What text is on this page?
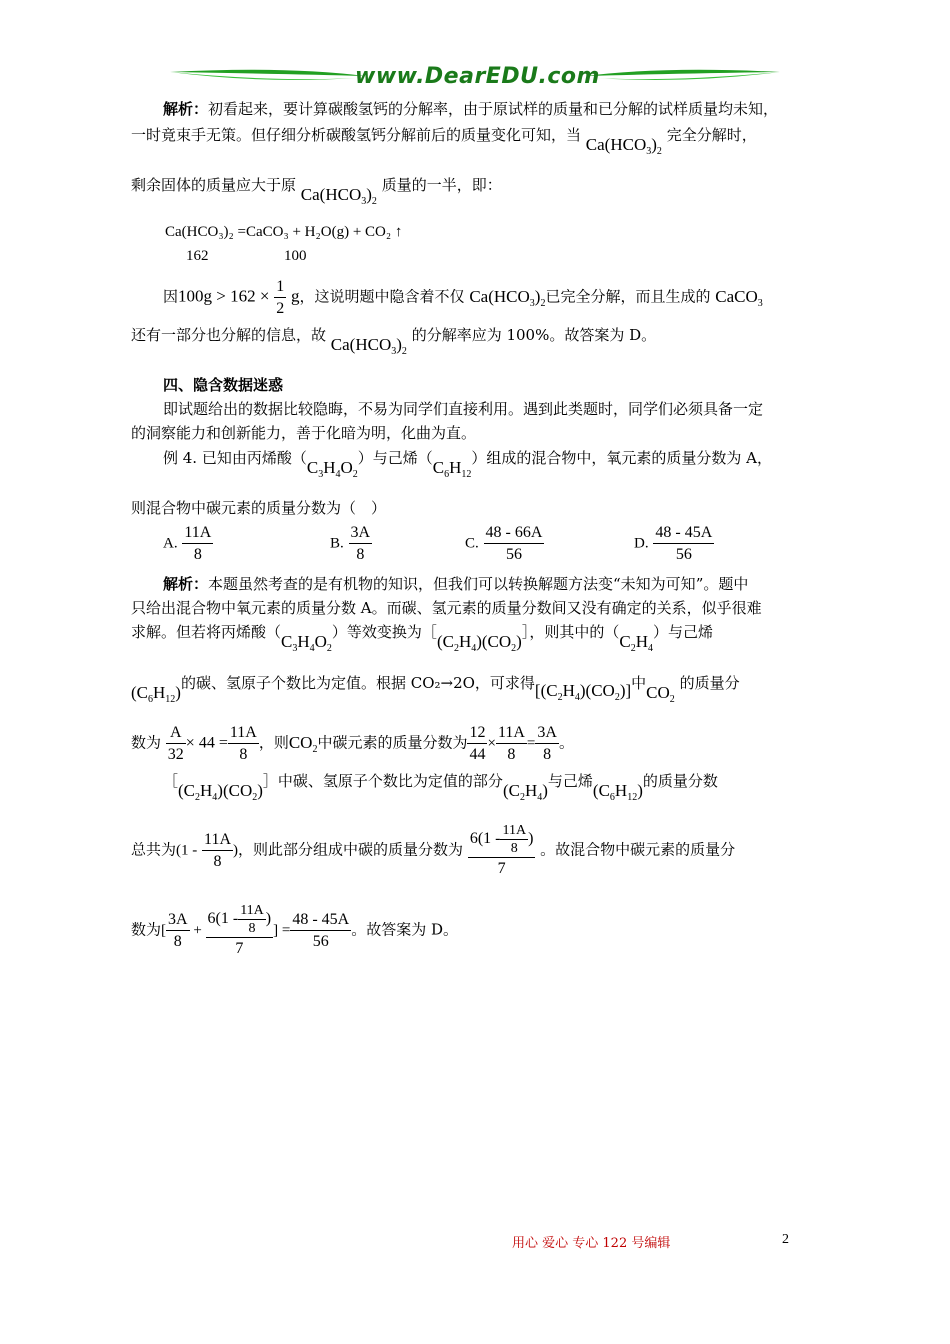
www.DearEDU.com
解析：初看起来，要计算碳酸氢钙的分解率，由于原试样的质量和已分解的试样质量均未知，
一时竟束手无策。但仔细分析碳酸氢钙分解前后的质量变化可知，当 $Ca(HCO_3)_2$ 完全分解时，
剩余固体的质量应大于原 $Ca(HCO_3)_2$ 质量的一半，即：
Ca(HCO₃)₂ =CaCO₃ + H₂O(g) + CO₂ ↑
162	100
因$100g > 162 \times \frac{1}{2}$ g，这说明题中隐含着不仅 $Ca(HCO_3)_2$已完全分解，而且生成的 CaCO$_3$
还有一部分也分解的信息，故 $Ca(HCO_3)_2$ 的分解率应为 100%。故答案为 D。
四、隐含数据迷惑
即试题给出的数据比较隐晦，不易为同学们直接利用。遇到此类题时，同学们必须具备一定
的洞察能力和创新能力，善于化暗为明，化曲为直。
例 4. 已知由丙烯酸$(C_3H_4O_2)$与己烯$(C_6H_{12})$组成的混合物中，氧元素的质量分数为 A，
则混合物中碳元素的质量分数为（　）
A. $\frac{11A}{8}$	B. $\frac{3A}{8}$	C. $\frac{48 - 66A}{56}$	D. $\frac{48 - 45A}{56}$
解析：本题虽然考查的是有机物的知识，但我们可以转换解题方法变“未知为可知”。题中
只给出混合物中氧元素的质量分数 A。而碳、氢元素的质量分数间又没有确定的关系，似乎很难
求解。但若将丙烯酸$(C_3H_4O_2)$等效变换为$[(C_2H_4)(CO_2)]$，则其中的$(C_2H_4)$与己烯
$(C_6H_{12})$的碳、氢原子个数比为定值。根据 CO₂→2O，可求得$[(C_2H_4)(CO_2)]$中$CO_2$ 的质量分
数为 $\frac{A}{32} \times 44 = \frac{11A}{8}$ ，则$CO_2$中碳元素的质量分数为 $\frac{12}{44} \times \frac{11A}{8} = \frac{3A}{8}$ 。
$[(C_2H_4)(CO_2)]$中碳、氢原子个数比为定值的部分$(C_2H_4)$与己烯$(C_6H_{12})$的质量分数
总共为($1 - \frac{11A}{8}$ )，则此部分组成中碳的质量分数为 $\frac{6(1 - \frac{11A}{8} )}{7}$ 。故混合物中碳元素的质量分
数为[ $\frac{3A}{8} + \frac{6(1 - \frac{11A}{8} )}{7}$ ] = $\frac{48 - 45A}{56}$ 。故答案为 D。
用心 爱心 专心 122 号编辑	2
